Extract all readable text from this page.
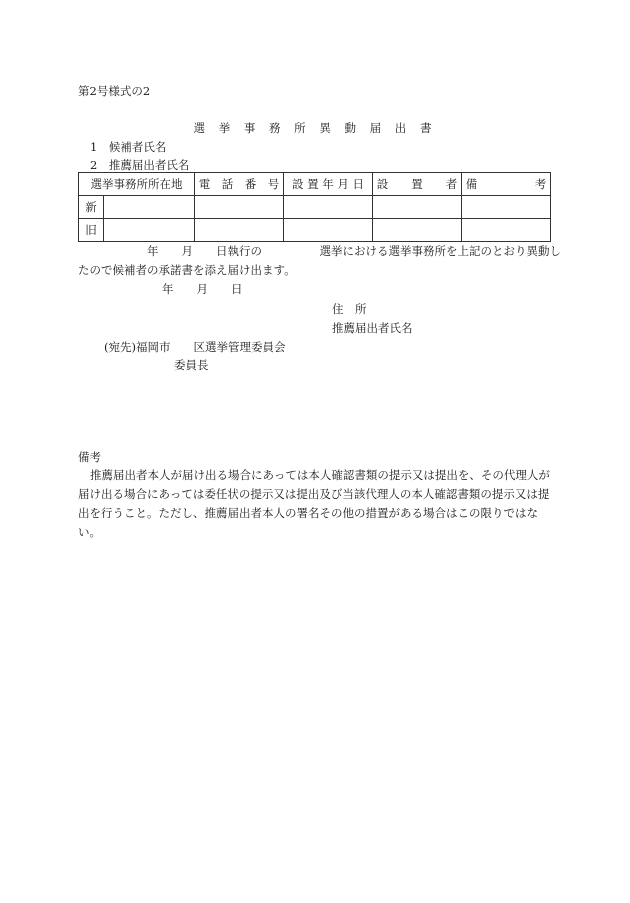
第2号様式の2
選 挙 事 務 所 異 動 届 出 書
1　候補者氏名
2　推薦届出者氏名
選挙事務所所在地		電　話　番　号	設 置 年 月 日	設　　置　　者	備　　　　　考
新					
旧					
　　　　　　年　　月　　日執行の　　　　　選挙における選挙事務所を上記のとおり異動し
たので候補者の承諾書を添え届け出ます。
年　　月　　日
住　所
推薦届出者氏名
(宛先)福岡市　　区選挙管理委員会
委員長
備考
推薦届出者本人が届け出る場合にあっては本人確認書類の提示又は提出を、その代理人が届け出る場合にあっては委任状の提示又は提出及び当該代理人の本人確認書類の提示又は提出を行うこと。ただし、推薦届出者本人の署名その他の措置がある場合はこの限りではない。
